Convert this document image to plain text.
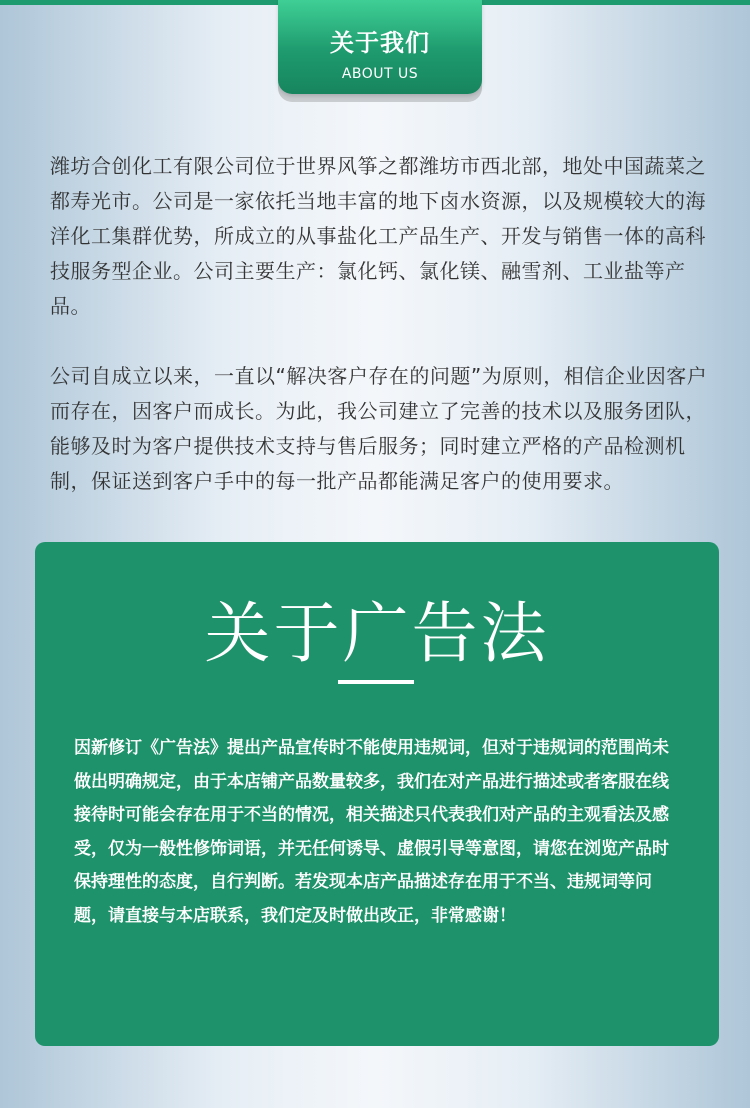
关于我们
ABOUT US

潍坊合创化工有限公司位于世界风筝之都潍坊市西北部，地处中国蔬菜之都寿光市。公司是一家依托当地丰富的地下卤水资源，以及规模较大的海洋化工集群优势，所成立的从事盐化工产品生产、开发与销售一体的高科技服务型企业。公司主要生产：氯化钙、氯化镁、融雪剂、工业盐等产品。

公司自成立以来，一直以“解决客户存在的问题”为原则，相信企业因客户而存在，因客户而成长。为此，我公司建立了完善的技术以及服务团队，能够及时为客户提供技术支持与售后服务；同时建立严格的产品检测机制，保证送到客户手中的每一批产品都能满足客户的使用要求。

关于广告法

因新修订《广告法》提出产品宣传时不能使用违规词，但对于违规词的范围尚未做出明确规定，由于本店铺产品数量较多，我们在对产品进行描述或者客服在线接待时可能会存在用于不当的情况，相关描述只代表我们对产品的主观看法及感受，仅为一般性修饰词语，并无任何诱导、虚假引导等意图，请您在浏览产品时保持理性的态度，自行判断。若发现本店产品描述存在用于不当、违规词等问题，请直接与本店联系，我们定及时做出改正，非常感谢！
